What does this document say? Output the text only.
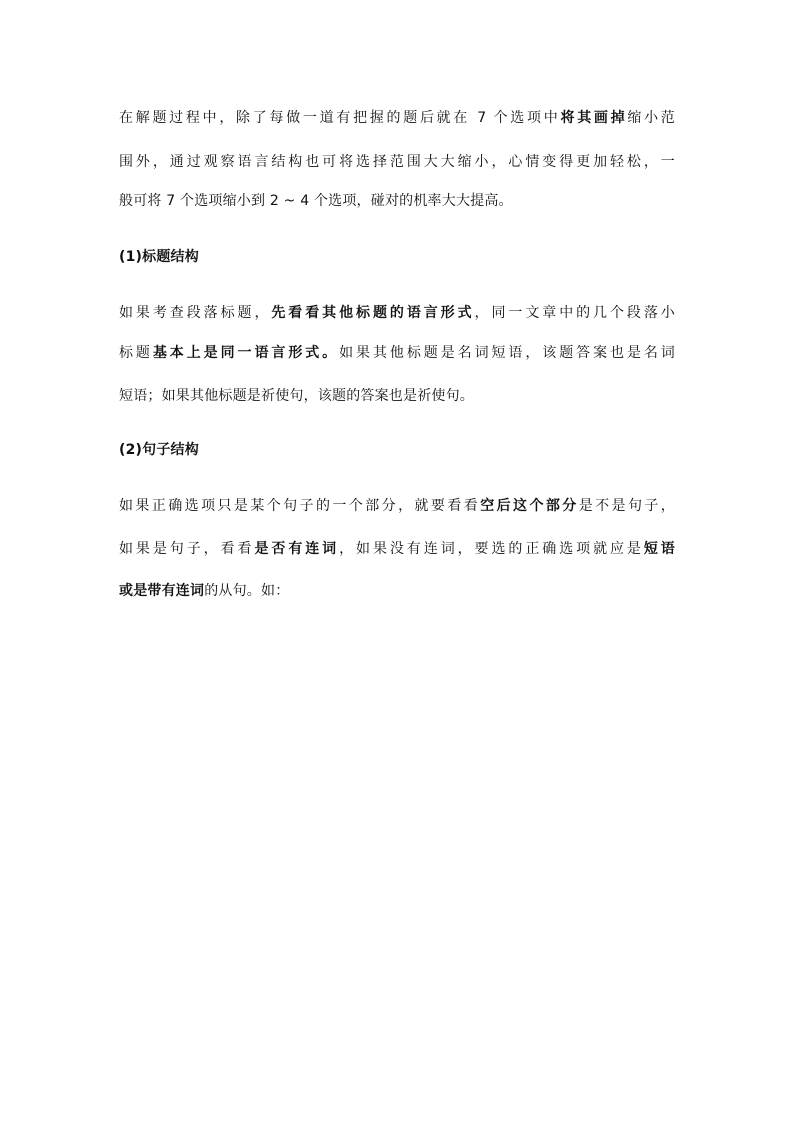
在解题过程中，除了每做一道有把握的题后就在 7 个选项中将其画掉缩小范
围外，通过观察语言结构也可将选择范围大大缩小，心情变得更加轻松，一
般可将 7 个选项缩小到 2 ~ 4 个选项，碰对的机率大大提高。
(1)标题结构
如果考查段落标题，先看看其他标题的语言形式，同一文章中的几个段落小
标题基本上是同一语言形式。如果其他标题是名词短语，该题答案也是名词
短语；如果其他标题是祈使句，该题的答案也是祈使句。
(2)句子结构
如果正确选项只是某个句子的一个部分，就要看看空后这个部分是不是句子，
如果是句子，看看是否有连词，如果没有连词，要选的正确选项就应是短语
或是带有连词的从句。如：
